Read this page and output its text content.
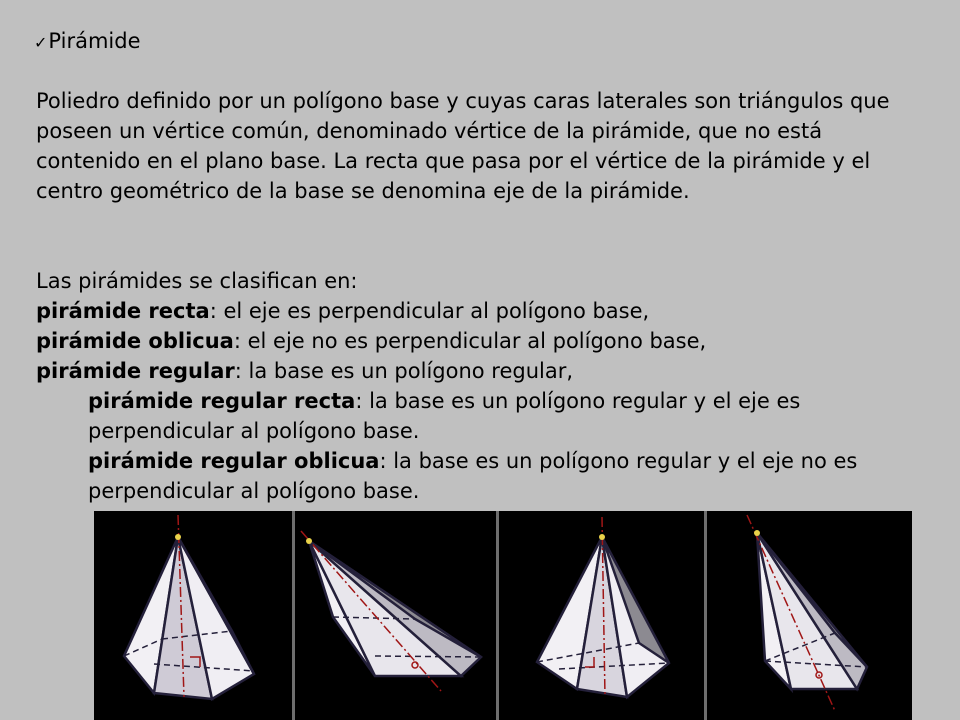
✓Pirámide
Poliedro definido por un polígono base y cuyas caras laterales son triángulos que poseen un vértice común, denominado vértice de la pirámide, que no está contenido en el plano base. La recta que pasa por el vértice de la pirámide y el centro geométrico de la base se denomina eje de la pirámide.
Las pirámides se clasifican en:
pirámide recta: el eje es perpendicular al polígono base,
pirámide oblicua: el eje no es perpendicular al polígono base,
pirámide regular: la base es un polígono regular,
pirámide regular recta: la base es un polígono regular y el eje es perpendicular al polígono base.
pirámide regular oblicua: la base es un polígono regular y el eje no es perpendicular al polígono base.
